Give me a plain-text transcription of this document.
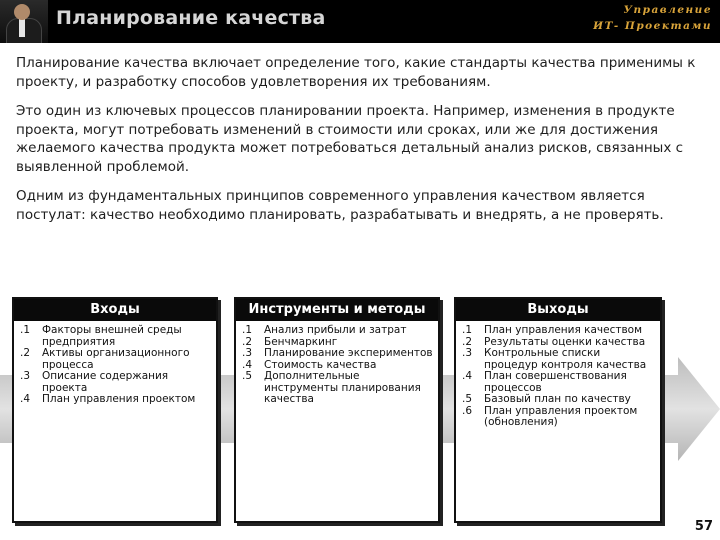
Планирование качества	Управление
ИТ- Проектами

Планирование качества включает определение того, какие стандарты качества применимы к проекту, и разработку способов удовлетворения их требованиям.

Это один из ключевых процессов планировании проекта. Например, изменения в продукте проекта, могут потребовать изменений в стоимости или сроках, или же для достижения желаемого качества продукта может потребоваться детальный анализ рисков, связанных с выявленной проблемой.

Одним из фундаментальных принципов современного управления качеством является постулат: качество необходимо планировать, разрабатывать и внедрять, а не проверять.

Входы
.1	Факторы внешней среды предприятия
.2	Активы организационного процесса
.3	Описание содержания проекта
.4	План управления проектом
Инструменты и методы
.1	Анализ прибыли и затрат
.2	Бенчмаркинг
.3	Планирование экспериментов
.4	Стоимость качества
.5	Дополнительные инструменты планирования качества
Выходы
.1	План управления качеством
.2	Результаты оценки качества
.3	Контрольные списки процедур контроля качества
.4	План совершенствования процессов
.5	Базовый план по качеству
.6	План управления проектом (обновления)
57
